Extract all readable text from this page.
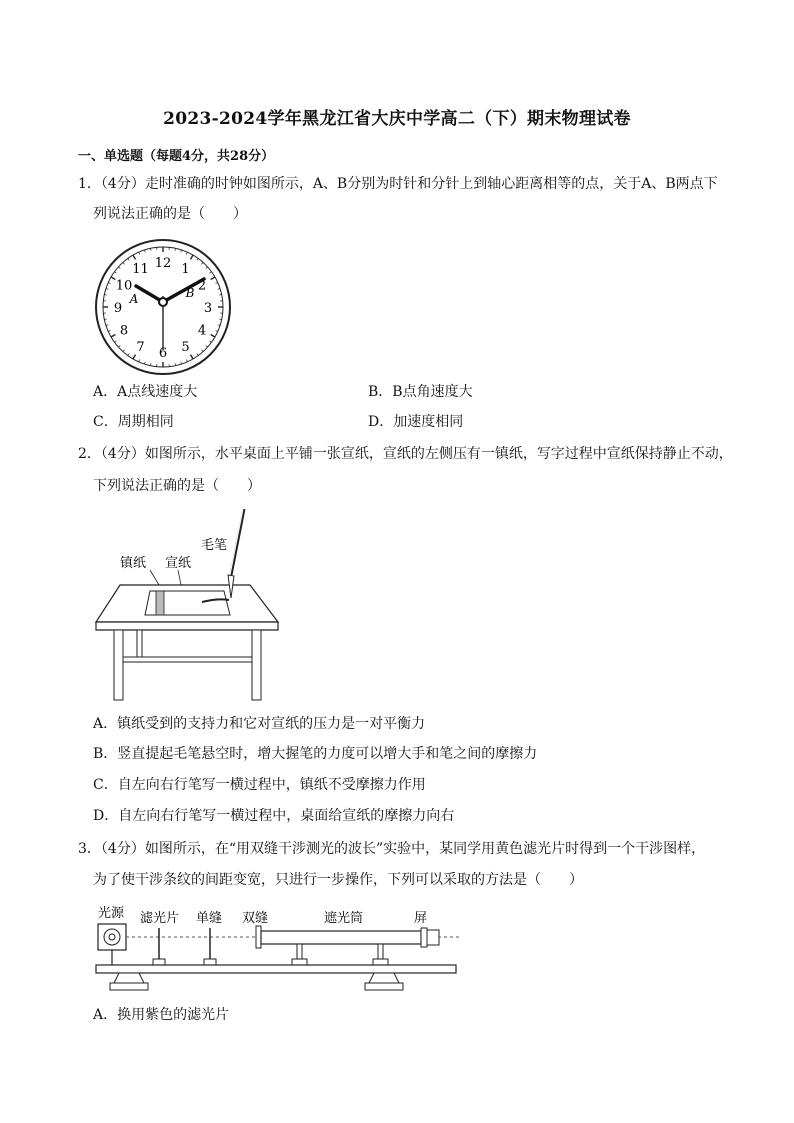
2023-2024学年黑龙江省大庆中学高二（下）期末物理试卷
一、单选题（每题4分，共28分）
1．（4分）走时准确的时钟如图所示，A、B分别为时针和分针上到轴心距离相等的点，关于A、B两点下
列说法正确的是（　　）
12 1
2
3
4
5
6
7
8
9
10
11
A	B
A．A点线速度大	B．B点角速度大
C．周期相同	D．加速度相同
2．（4分）如图所示，水平桌面上平铺一张宣纸，宣纸的左侧压有一镇纸，写字过程中宣纸保持静止不动，
下列说法正确的是（　　）
毛笔
镇纸 宣纸
A．镇纸受到的支持力和它对宣纸的压力是一对平衡力
B．竖直提起毛笔悬空时，增大握笔的力度可以增大手和笔之间的摩擦力
C．自左向右行笔写一横过程中，镇纸不受摩擦力作用
D．自左向右行笔写一横过程中，桌面给宣纸的摩擦力向右
3．（4分）如图所示，在“用双缝干涉测光的波长”实验中，某同学用黄色滤光片时得到一个干涉图样，
为了使干涉条纹的间距变宽，只进行一步操作，下列可以采取的方法是（　　）
光源 滤光片 单缝 双缝	遮光筒	屏
A．换用紫色的滤光片
